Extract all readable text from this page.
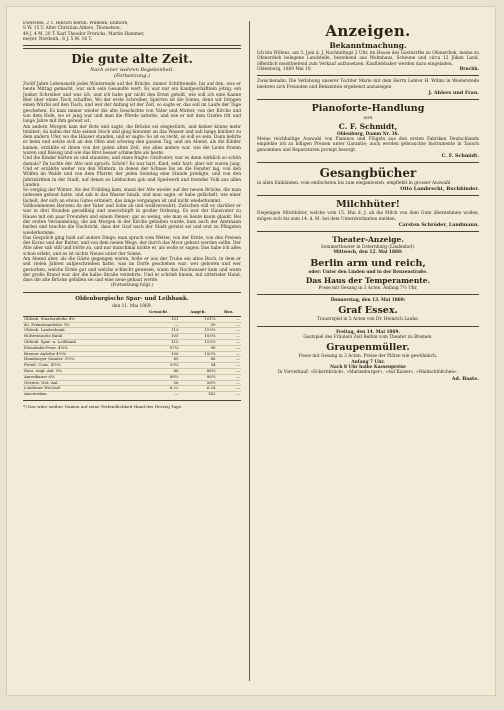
Ewersten, 2 T. Hinrich Bernh. Wilhelm, Ehlhorn,
S W. 15 T. Alter Christian Ahlers, Thomelsen,
49 J. 4 M. 20 T. Karl Theodor Frerichs, Martin Hammer,
meyer, Nordenh., 6 J. 5 M. 16 T.

Die gute alte Zeit.

Nach einer wahren Begebenheit.

(Fortsetzung.)

Zwölf Jahre Lebensnoth jedes Winterende auf der Brücke, immer Schlitteneile, bis auf den, was er heute Mittag gemacht, war sich sein Gesandte wert. Es war nur ein Kaufgeschäftlein jetzig, ein Junker Schreiber und was ich, und ich habe gar nicht den Ernst geteilt, wie soll ich eine Kanne Bier über einen Tisch schaffen. Wo der erste Schreiber. Sperren ist die Sonne, denn wir bringen einen Würfel auf den Tisch, und wer der Anfang ist der Zeit, so sagte er, das soll im Laufe der Tage geschehen. Es kam immer wieder die alte Geschichte von Vater und Mutter, von der Kirche und von dem Hofe, wo er jung war und man die Pferde sattelte, und wie er mit dem Grafen ritt und lange Jahre mit ihm gereist ist.

Am andern Morgen kam der Bote und sagte, die Brücke sei eingestürzt, und keiner könne mehr hinüber; da nahm der Alte seinen Stock und ging hinunter an das Wasser und sah lange hinüber zu dem andern Ufer, wo die Häuser standen, und er sagte: So ist es recht, so soll es sein. Dann kehrte er heim und setzte sich an den Ofen und schwieg den ganzen Tag, und am Abend, als die Kinder kamen, erzählte er ihnen von der guten alten Zeit, wie alles anders war, wie die Leute fromm waren und fleissig und wie das Brot besser schmeckte als heute.

Und die Kinder hörten zu und staunten, und eines fragte: Großvater, war es denn wirklich so schön damals? Da lachte der Alte und sprach: Schön? Es war hart, Kind, sehr hart; aber wir waren jung. Und er erzählte weiter von den Wintern, in denen der Schnee bis an die Fenster lag, von den Wölfen im Walde und von dem Pfarrer, der jeden Sonntag eine Stunde predigte, und von den Jahrmärkten in der Stadt, auf denen es Lebkuchen gab und Spielwerk und fremdes Volk aus allen Landen.

So verging der Winter. Als der Frühling kam, stand der Alte wieder auf der neuen Brücke, die man indessen gebaut hatte, und sah in das Wasser hinab, und man sagte, er habe gelächelt, wie einer lächelt, der sich an etwas Gutes erinnert, das lange vergangen ist und nicht wiederkommt.

Vollkommenen Herzens da der Vater und Sohn ab und wohlverwahrt; Zwischen will er, darüber er war in drei Stunden geradlinig und unerschöpft in großer Ordnung. Es war der Hausvater zu Hause mit ein paar Freunden und einem Diener; gar so wenig, wie man es heute kaum glaubt. Bei der ersten Versammlung, die am Morgen in der Kirche gehalten wurde, kam auch der Amtmann herbei und brachte die Nachricht, dass der Graf nach der Stadt gereist sei und erst zu Pfingsten wiederkomme.

Das Gespräch ging bald auf andere Dinge; man sprach vom Wetter, von der Ernte, von den Preisen des Korns und der Butter, und von dem neuen Wege, der durch das Moor gebaut werden sollte. Der Alte aber saß still und hörte zu, und nur manchmal nickte er, als wolle er sagen: Das habe ich alles schon erlebt, und es ist nichts Neues unter der Sonne.

Am Abend aber, als die Gäste gegangen waren, holte er aus der Truhe ein altes Buch, in dem er seit vielen Jahren aufgeschrieben hatte, was im Dorfe geschehen war: wer geboren und wer gestorben, welche Ernte gut und welche schlecht gewesen, wann das Hochwasser kam und wann der große Brand war, der die halbe Straße verzehrte. Und er schrieb hinein, mit zitternder Hand, dass die alte Brücke gefallen sei und eine neue gebaut werde.

(Fortsetzung folgt.)

Oldenburgische Spar- und Leihbank.

den 11. Mai 1869.

	Gesucht	Angeb.	Bez.
Oldenb. Staatsanleihe 4%	101	101¾	—
do. Prämienanleihe 3%	—	99	—
Oldenb. Landesbank	119	119½	—
Holsteinische Bank	105	105¼	—
Oldenb. Spar- u. Leihbank	115	115½	—
Eisenbahn-Prior. 4½%	97¼	98	—
Bremer Anleihe 4½%	100	100¾	—
Hamburger Staatsr. 3½%	85	86	—
Preuß. Cons. 4½%	93¼	94	—
Russ. engl. Anl. 5%	86	86¼	—
Amerikaner 6%	88½	88¾	—
Oesterr. Nat.-Anl.	56	56½	—
Londoner Wechsel	6.22	6.24	—
Amsterdam	—	142	—

*) Das wäre seither Namen auf seine Verbindlichkeit Hand des Herzog Tage.

Anzeigen.

Bekanntmachung.

Ich bin Willens, am 3. Juni d. J. Nachmittags 2 Uhr, im Hause des Gastwirths zu Ofenerdiek, meine zu Ofenerdiek belegene Landstelle, bestehend aus Wohnhaus, Scheune und circa 12 Jüken Land, öffentlich meistbietend zum Verkauf aufzusetzen. Kaufliebhaber werden dazu eingeladen.

Oldenburg, 1869 Mai 10.	Bruchh.

Zwischenahn. Die Verlobung unserer Tochter Marie mit dem Herrn Lehrer H. Wilms in Westerstede beehren sich Freunden und Bekannten ergebenst anzuzeigen

J. Ahlers und Frau.

Pianoforte-Handlung

von

C. F. Schmidt,

Oldenburg, Damm Nr. 36.

Meine reichhaltige Auswahl von Pianinos und Flügeln aus den ersten Fabriken Deutschlands empfehle ich zu billigen Preisen unter Garantie; auch werden gebrauchte Instrumente in Tausch genommen und Reparaturen prompt besorgt.

C. F. Schmidt.

Gesangbücher

in allen Einbänden, vom einfachsten bis zum elegantesten, empfiehlt in grosser Auswahl

Otto Lambrecht, Buchbinder.

Milchhüter!

Diejenigen Milchhüter, welche vom 15. Mai d. J. ab die Milch von dem Gute übernehmen wollen, mögen sich bis zum 14. d. M. bei dem Unterzeichneten melden.

Carsten Schröder, Landmann.

Theater-Anzeige.

Sommertheater in Osternburg (Lindenhof).

Mittwoch, den 12. Mai 1869:

Berlin arm und reich,

oder: Unter den Linden und in der Renzenstraße.

Das Haus der Temperamente.

Posse mit Gesang in 3 Acten. Anfang 7½ Uhr.

Donnerstag, den 13. Mai 1869:

Graf Essex.

Trauerspiel in 5 Acten von Dr. Heinrich Laube.

Freitag, den 14. Mai 1869.

Gastspiel des Fräulein Zeit Bellini vom Theater zu Bremen.

Graupenmüller.

Posse mit Gesang in 3 Acten. Preise der Plätze wie gewöhnlich.

Anfang 7 Uhr.

Nach 8 Uhr halbe Kassenpreise

In Vorverkauf: »Eckernbrück«, »Marienburger«, »Auf Kaiser«, »Waldschlößchen«.

Ad. Baste.
